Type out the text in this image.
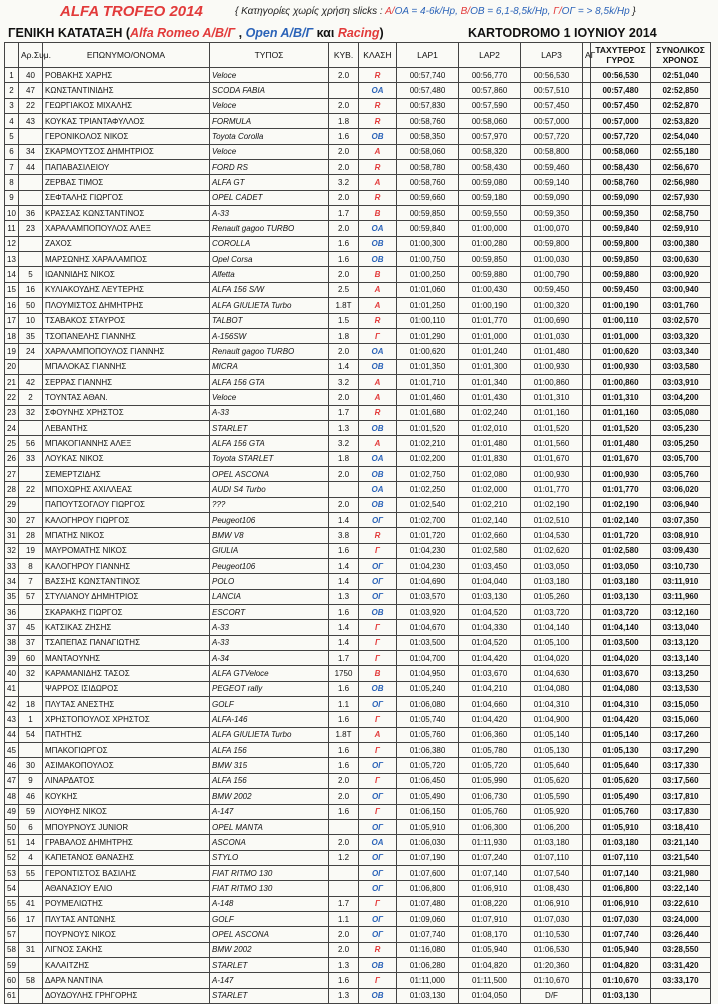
ALFA TROFEO 2014	{ Κατηγορίες χωρίς χρήση slicks : A/OA = 4-6k/Hp, B/OB = 6,1-8,5k/Hp, Γ/ΟΓ = > 8,5k/Hp }
ΓΕΝΙΚΗ ΚΑΤΑΤΑΞΗ (Alfa Romeo A/B/Γ , Open A/B/Γ και Racing)	KARTODROMO 1 ΙΟΥΝΙΟΥ 2014
	Αρ.Συμ.	ΕΠΩΝΥΜΟ/ΟΝΟΜΑ	ΤΥΠΟΣ	ΚΥΒ.	ΚΛΑΣΗ	LAP1	LAP2	LAP3	ΑΓ	ΤΑΧΥΤΕΡΟΣ ΓΥΡΟΣ	ΣΥΝΟΛΙΚΟΣ ΧΡΟΝΟΣ
1	40	ΡΟΒΑΚΗΣ ΧΑΡΗΣ	Veloce	2.0	R	00:57,740	00:56,770	00:56,530		00:56,530	02:51,040
2	47	ΚΩΝΣΤΑΝΤΙΝΙΔΗΣ	SCODA FABIA		OA	00:57,480	00:57,860	00:57,510		00:57,480	02:52,850
3	22	ΓΕΩΡΓΙΑΚΟΣ ΜΙΧΑΛΗΣ	Veloce	2.0	R	00:57,830	00:57,590	00:57,450		00:57,450	02:52,870
4	43	ΚΟΥΚΑΣ ΤΡΙΑΝΤΑΦΥΛΛΟΣ	FORMULA	1.8	R	00:58,760	00:58,060	00:57,000		00:57,000	02:53,820
5		ΓΕΡΟΝΙΚΟΛΟΣ ΝΙΚΟΣ	Toyota Corolla	1.6	OB	00:58,350	00:57,970	00:57,720		00:57,720	02:54,040
6	34	ΣΚΑΡΜΟΥΤΣΟΣ ΔΗΜΗΤΡΙΟΣ	Veloce	2.0	A	00:58,060	00:58,320	00:58,800		00:58,060	02:55,180
7	44	ΠΑΠΑΒΑΣΙΛΕΙΟΥ	FORD RS	2.0	R	00:58,780	00:58,430	00:59,460		00:58,430	02:56,670
8		ΖΕΡΒΑΣ ΤΙΜΟΣ	ALFA GT	3.2	A	00:58,760	00:59,080	00:59,140		00:58,760	02:56,980
9		ΣΕΦΤΑΛΗΣ ΓΙΩΡΓΟΣ	OPEL CADET	2.0	R	00:59,660	00:59,180	00:59,090		00:59,090	02:57,930
10	36	ΚΡΑΣΣΑΣ ΚΩΝΣΤΑΝΤΙΝΟΣ	A-33	1.7	B	00:59,850	00:59,550	00:59,350		00:59,350	02:58,750
11	23	ΧΑΡΑΛΑΜΠΟΠΟΥΛΟΣ ΑΛΕΞ	Renault gagoo TURBO	2.0	OA	00:59,840	01:00,000	01:00,070		00:59,840	02:59,910
12		ΖΑΧΟΣ	COROLLA	1.6	OB	01:00,300	01:00,280	00:59,800		00:59,800	03:00,380
13		ΜΑΡΣΩΝΗΣ ΧΑΡΑΛΑΜΠΟΣ	Opel Corsa	1.6	OB	01:00,750	00:59,850	01:00,030		00:59,850	03:00,630
14	5	ΙΩΑΝΝΙΔΗΣ ΝΙΚΟΣ	Alfetta	2.0	B	01:00,250	00:59,880	01:00,790		00:59,880	03:00,920
15	16	ΚΥΛΙΑΚΟΥΔΗΣ ΛΕΥΤΕΡΗΣ	ALFA 156 S/W	2.5	A	01:01,060	01:00,430	00:59,450		00:59,450	03:00,940
16	50	ΠΛΟΥΜΙΣΤΟΣ ΔΗΜΗΤΡΗΣ	ALFA GIULIETA Turbo	1.8T	A	01:01,250	01:00,190	01:00,320		01:00,190	03:01,760
17	10	ΤΣΑΒΑΚΟΣ ΣΤΑΥΡΟΣ	TALBOT	1.5	R	01:00,110	01:01,770	01:00,690		01:00,110	03:02,570
18	35	ΤΣΟΠΑΝΕΛΗΣ ΓΙΑΝΝΗΣ	A-156SW	1.8	Γ	01:01,290	01:01,000	01:01,030		01:01,000	03:03,320
19	24	ΧΑΡΑΛΑΜΠΟΠΟΥΛΟΣ ΓΙΑΝΝΗΣ	Renault gagoo TURBO	2.0	OA	01:00,620	01:01,240	01:01,480		01:00,620	03:03,340
20		ΜΠΑΛΟΚΑΣ ΓΙΑΝΝΗΣ	MICRA	1.4	OB	01:01,350	01:01,300	01:00,930		01:00,930	03:03,580
21	42	ΣΕΡΡΑΣ ΓΙΑΝΝΗΣ	ALFA 156 GTA	3.2	A	01:01,710	01:01,340	01:00,860		01:00,860	03:03,910
22	2	ΤΟΥΝΤΑΣ ΑΘΑΝ.	Veloce	2.0	A	01:01,460	01:01,430	01:01,310		01:01,310	03:04,200
23	32	ΣΦΟΥΝΗΣ ΧΡΗΣΤΟΣ	A-33	1.7	R	01:01,680	01:02,240	01:01,160		01:01,160	03:05,080
24		ΛΕΒΑΝΤΗΣ	STARLET	1.3	OB	01:01,520	01:02,010	01:01,520		01:01,520	03:05,230
25	56	ΜΠΑΚΟΓΙΑΝΝΗΣ ΑΛΕΞ	ALFA 156 GTA	3.2	A	01:02,210	01:01,480	01:01,560		01:01,480	03:05,250
26	33	ΛΟΥΚΑΣ ΝΙΚΟΣ	Toyota STARLET	1.8	OA	01:02,200	01:01,830	01:01,670		01:01,670	03:05,700
27		ΣΕΜΕΡΤΖΙΔΗΣ	OPEL ASCONA	2.0	OB	01:02,750	01:02,080	01:00,930		01:00,930	03:05,760
28	22	ΜΠΟΧΩΡΗΣ ΑΧΙΛΛΕΑΣ	AUDI S4 Turbo		OA	01:02,250	01:02,000	01:01,770		01:01,770	03:06,020
29		ΠΑΠΟΥΤΣΟΓΛΟΥ ΓΙΩΡΓΟΣ	???	2.0	OB	01:02,540	01:02,210	01:02,190		01:02,190	03:06,940
30	27	ΚΑΛΟΓΗΡΟΥ ΓΙΩΡΓΟΣ	Peugeot106	1.4	ΟΓ	01:02,700	01:02,140	01:02,510		01:02,140	03:07,350
31	28	ΜΠΑΤΗΣ ΝΙΚΟΣ	BMW V8	3.8	R	01:01,720	01:02,660	01:04,530		01:01,720	03:08,910
32	19	ΜΑΥΡΟΜΑΤΗΣ ΝΙΚΟΣ	GIULIA	1.6	Γ	01:04,230	01:02,580	01:02,620		01:02,580	03:09,430
33	8	ΚΑΛΟΓΗΡΟΥ ΓΙΑΝΝΗΣ	Peugeot106	1.4	ΟΓ	01:04,230	01:03,450	01:03,050		01:03,050	03:10,730
34	7	ΒΑΣΣΗΣ ΚΩΝΣΤΑΝΤΙΝΟΣ	POLO	1.4	ΟΓ	01:04,690	01:04,040	01:03,180		01:03,180	03:11,910
35	57	ΣΤΥΛΙΑΝΟΥ ΔΗΜΗΤΡΙΟΣ	LANCIA	1.3	ΟΓ	01:03,570	01:03,130	01:05,260		01:03,130	03:11,960
36		ΣΚΑΡΑΚΗΣ ΓΙΩΡΓΟΣ	ESCORT	1.6	OB	01:03,920	01:04,520	01:03,720		01:03,720	03:12,160
37	45	ΚΑΤΣΙΚΑΣ ΖΗΣΗΣ	A-33	1.4	Γ	01:04,670	01:04,330	01:04,140		01:04,140	03:13,040
38	37	ΤΣΑΠΕΠΑΣ ΠΑΝΑΓΙΩΤΗΣ	A-33	1.4	Γ	01:03,500	01:04,520	01:05,100		01:03,500	03:13,120
39	60	ΜΑΝΤΑΟΥΝΗΣ	A-34	1.7	Γ	01:04,700	01:04,420	01:04,020		01:04,020	03:13,140
40	32	ΚΑΡΑΜΑΝΙΔΗΣ ΤΑΣΟΣ	ALFA GTVeloce	1750	B	01:04,950	01:03,670	01:04,630		01:03,670	03:13,250
41		ΨΑΡΡΟΣ ΙΣΙΔΩΡΟΣ	PEGEOT rally	1.6	OB	01:05,240	01:04,210	01:04,080		01:04,080	03:13,530
42	18	ΠΛΥΤΑΣ ΑΝΕΣΤΗΣ	GOLF	1.1	ΟΓ	01:06,080	01:04,660	01:04,310		01:04,310	03:15,050
43	1	ΧΡΗΣΤΟΠΟΥΛΟΣ ΧΡΗΣΤΟΣ	ALFA-146	1.6	Γ	01:05,740	01:04,420	01:04,900		01:04,420	03:15,060
44	54	ΠΑΤΗΤΗΣ	ALFA GIULIETA Turbo	1.8T	A	01:05,760	01:06,360	01:05,140		01:05,140	03:17,260
45		ΜΠΑΚΟΓΙΩΡΓΟΣ	ALFA 156	1.6	Γ	01:06,380	01:05,780	01:05,130		01:05,130	03:17,290
46	30	ΑΣΙΜΑΚΟΠΟΥΛΟΣ	BMW 315	1.6	ΟΓ	01:05,720	01:05,720	01:05,640		01:05,640	03:17,330
47	9	ΛΙΝΑΡΔΑΤΟΣ	ALFA 156	2.0	Γ	01:06,450	01:05,990	01:05,620		01:05,620	03:17,560
48	46	ΚΟΥΚΗΣ	BMW 2002	2.0	ΟΓ	01:05,490	01:06,730	01:05,590		01:05,490	03:17,810
49	59	ΛΙΟΥΦΗΣ ΝΙΚΟΣ	A-147	1.6	Γ	01:06,150	01:05,760	01:05,920		01:05,760	03:17,830
50	6	ΜΠΟΥΡΝΟΥΣ JUNIOR	OPEL MANTA		ΟΓ	01:05,910	01:06,300	01:06,200		01:05,910	03:18,410
51	14	ΓΡΑΒΑΛΟΣ ΔΗΜΗΤΡΗΣ	ASCONA	2.0	OA	01:06,030	01:11,930	01:03,180		01:03,180	03:21,140
52	4	ΚΑΠΕΤΑΝΟΣ ΘΑΝΑΣΗΣ	STYLO	1.2	ΟΓ	01:07,190	01:07,240	01:07,110		01:07,110	03:21,540
53	55	ΓΕΡΟΝΤΙΣΤΟΣ ΒΑΣΙΛΗΣ	FIAT RITMO 130		ΟΓ	01:07,600	01:07,140	01:07,540		01:07,140	03:21,980
54		ΑΘΑΝΑΣΙΟΥ ΕΛΙΟ	FIAT RITMO 130		ΟΓ	01:06,800	01:06,910	01:08,430		01:06,800	03:22,140
55	41	ΡΟΥΜΕΛΙΩΤΗΣ	A-148	1.7	Γ	01:07,480	01:08,220	01:06,910		01:06,910	03:22,610
56	17	ΠΛΥΤΑΣ ΑΝΤΩΝΗΣ	GOLF	1.1	ΟΓ	01:09,060	01:07,910	01:07,030		01:07,030	03:24,000
57		ΠΟΥΡΝΟΥΣ ΝΙΚΟΣ	OPEL ASCONA	2.0	ΟΓ	01:07,740	01:08,170	01:10,530		01:07,740	03:26,440
58	31	ΛΙΓΝΟΣ ΣΑΚΗΣ	BMW 2002	2.0	R	01:16,080	01:05,940	01:06,530		01:05,940	03:28,550
59		ΚΑΛΑΙΤΖΗΣ	STARLET	1.3	OB	01:06,280	01:04,820	01:20,360		01:04,820	03:31,420
60	58	ΔΑΡΑ ΝΑΝΤΙΝΑ	A-147	1.6	Γ	01:11,000	01:11,500	01:10,670		01:10,670	03:33,170
61		ΔΟΥΔΟΥΛΗΣ ΓΡΗΓΟΡΗΣ	STARLET	1.3	OB	01:03,130	01:04,050	D/F		01:03,130	
